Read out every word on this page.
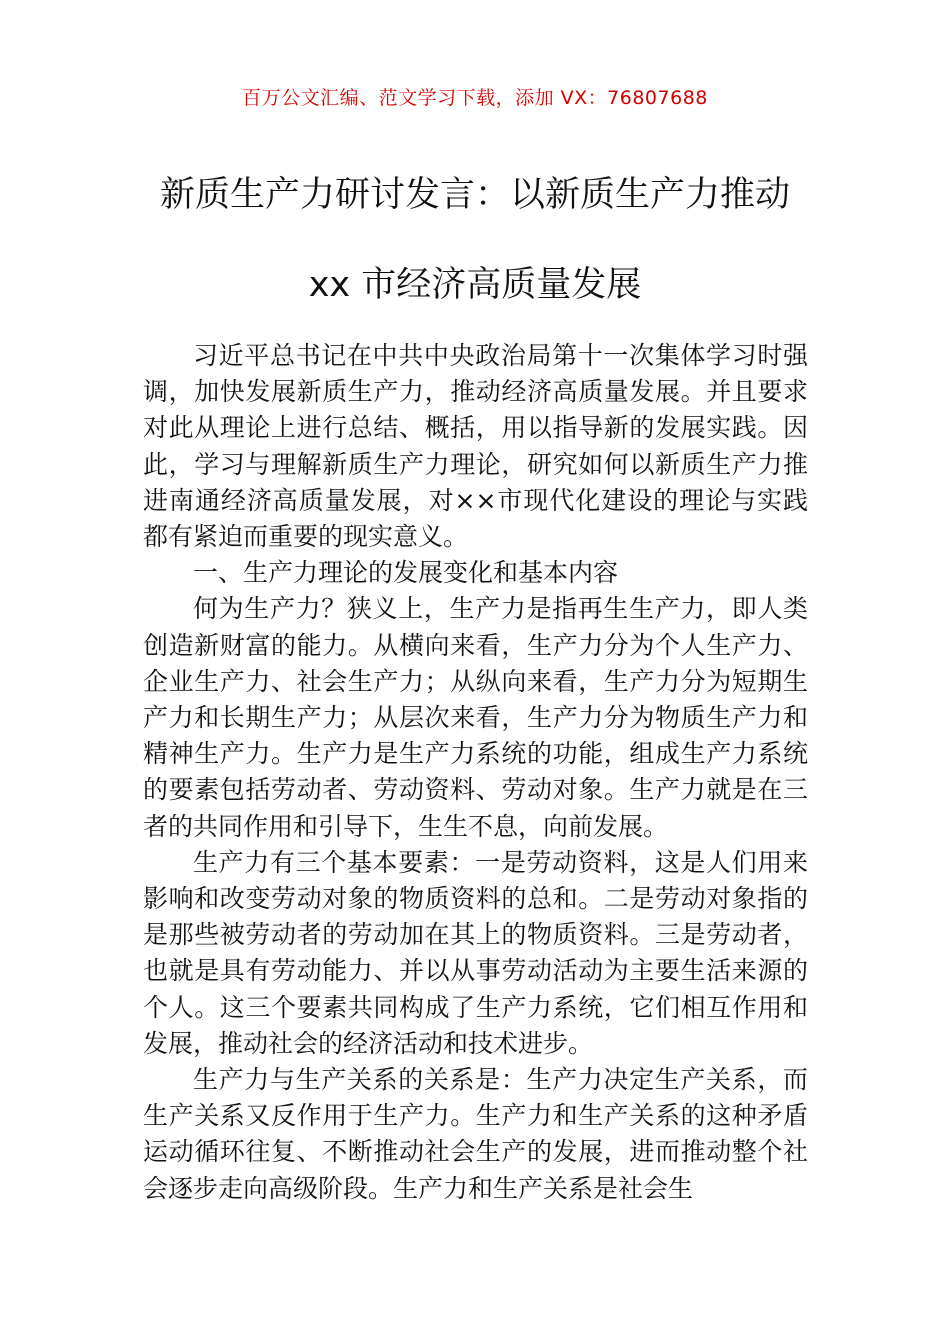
百万公文汇编、范文学习下载，添加 VX：76807688
新质生产力研讨发言：以新质生产力推动
xx 市经济高质量发展

习近平总书记在中共中央政治局第十一次集体学习时强调，加快发展新质生产力，推动经济高质量发展。并且要求对此从理论上进行总结、概括，用以指导新的发展实践。因此，学习与理解新质生产力理论，研究如何以新质生产力推进南通经济高质量发展，对××市现代化建设的理论与实践都有紧迫而重要的现实意义。

一、生产力理论的发展变化和基本内容

何为生产力？狭义上，生产力是指再生生产力，即人类创造新财富的能力。从横向来看，生产力分为个人生产力、企业生产力、社会生产力；从纵向来看，生产力分为短期生产力和长期生产力；从层次来看，生产力分为物质生产力和精神生产力。生产力是生产力系统的功能，组成生产力系统的要素包括劳动者、劳动资料、劳动对象。生产力就是在三者的共同作用和引导下，生生不息，向前发展。

生产力有三个基本要素：一是劳动资料，这是人们用来影响和改变劳动对象的物质资料的总和。二是劳动对象指的是那些被劳动者的劳动加在其上的物质资料。三是劳动者，也就是具有劳动能力、并以从事劳动活动为主要生活来源的个人。这三个要素共同构成了生产力系统，它们相互作用和发展，推动社会的经济活动和技术进步。

生产力与生产关系的关系是：生产力决定生产关系，而生产关系又反作用于生产力。生产力和生产关系的这种矛盾运动循环往复、不断推动社会生产的发展，进而推动整个社会逐步走向高级阶段。生产力和生产关系是社会生
